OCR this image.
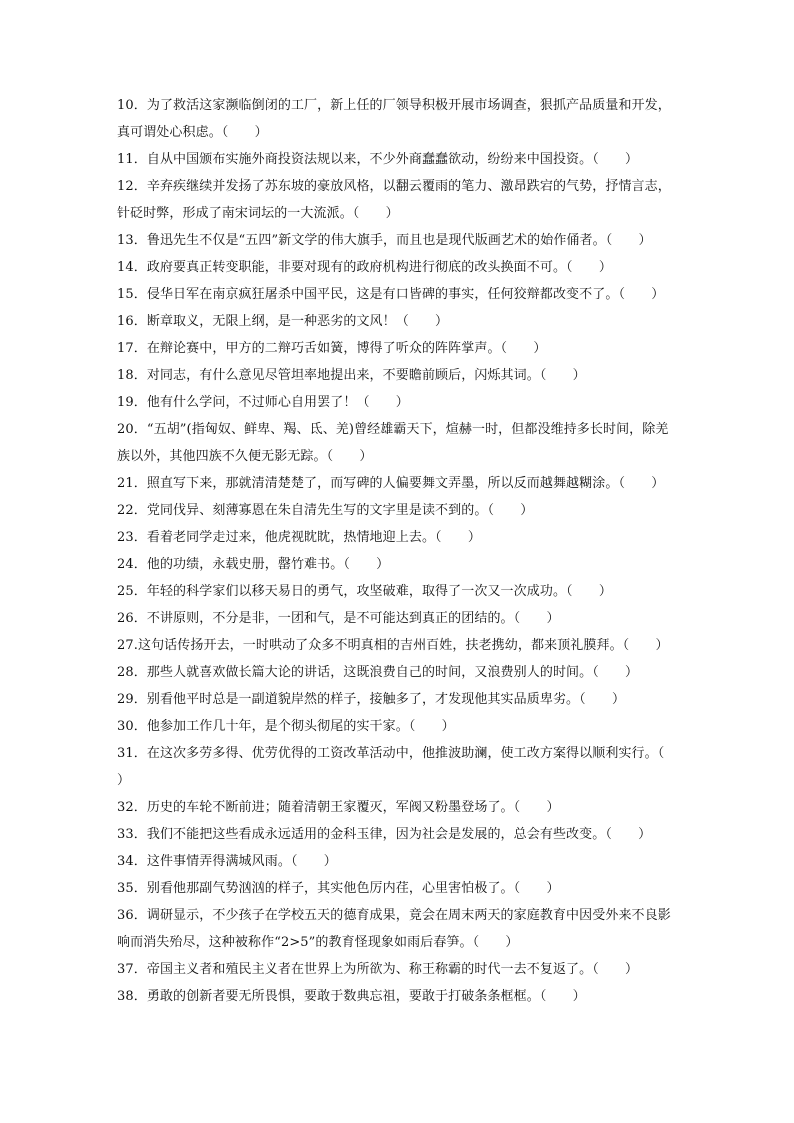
10．为了救活这家濒临倒闭的工厂，新上任的厂领导积极开展市场调查，狠抓产品质量和开发，真可谓处心积虑。（　　）

11．自从中国颁布实施外商投资法规以来，不少外商蠢蠢欲动，纷纷来中国投资。（　　）

12．辛弃疾继续并发扬了苏东坡的豪放风格，以翻云覆雨的笔力、激昂跌宕的气势，抒情言志，针砭时弊，形成了南宋词坛的一大流派。（　　）

13．鲁迅先生不仅是“五四”新文学的伟大旗手，而且也是现代版画艺术的始作俑者。（　　）

14．政府要真正转变职能，非要对现有的政府机构进行彻底的改头换面不可。（　　）

15．侵华日军在南京疯狂屠杀中国平民，这是有口皆碑的事实，任何狡辩都改变不了。（　　）

16．断章取义，无限上纲，是一种恶劣的文风！（　　）

17．在辩论赛中，甲方的二辩巧舌如簧，博得了听众的阵阵掌声。（　　）

18．对同志，有什么意见尽管坦率地提出来，不要瞻前顾后，闪烁其词。（　　）

19．他有什么学问，不过师心自用罢了！（　　）

20．“五胡”(指匈奴、鲜卑、羯、氐、羌)曾经雄霸天下，煊赫一时，但都没维持多长时间，除羌族以外，其他四族不久便无影无踪。（　　）

21．照直写下来，那就清清楚楚了，而写碑的人偏要舞文弄墨，所以反而越舞越糊涂。（　　）

22．党同伐异、刻薄寡恩在朱自清先生写的文字里是读不到的。（　　）

23．看着老同学走过来，他虎视眈眈，热情地迎上去。（　　）

24．他的功绩，永载史册，罄竹难书。（　　）

25．年轻的科学家们以移天易日的勇气，攻坚破难，取得了一次又一次成功。（　　）

26．不讲原则，不分是非，一团和气，是不可能达到真正的团结的。（　　）

27.这句话传扬开去，一时哄动了众多不明真相的吉州百姓，扶老携幼，都来顶礼膜拜。（　　）

28．那些人就喜欢做长篇大论的讲话，这既浪费自己的时间，又浪费别人的时间。（　　）

29．别看他平时总是一副道貌岸然的样子，接触多了，才发现他其实品质卑劣。（　　）

30．他参加工作几十年，是个彻头彻尾的实干家。（　　）

31．在这次多劳多得、优劳优得的工资改革活动中，他推波助澜，使工改方案得以顺利实行。（　　）

32．历史的车轮不断前进；随着清朝王家覆灭，军阀又粉墨登场了。（　　）

33．我们不能把这些看成永远适用的金科玉律，因为社会是发展的，总会有些改变。（　　）

34．这件事情弄得满城风雨。（　　）

35．别看他那副气势汹汹的样子，其实他色厉内荏，心里害怕极了。（　　）

36．调研显示，不少孩子在学校五天的德育成果，竟会在周末两天的家庭教育中因受外来不良影响而消失殆尽，这种被称作“2>5”的教育怪现象如雨后春笋。（　　）

37．帝国主义者和殖民主义者在世界上为所欲为、称王称霸的时代一去不复返了。（　　）

38．勇敢的创新者要无所畏惧，要敢于数典忘祖，要敢于打破条条框框。（　　）
